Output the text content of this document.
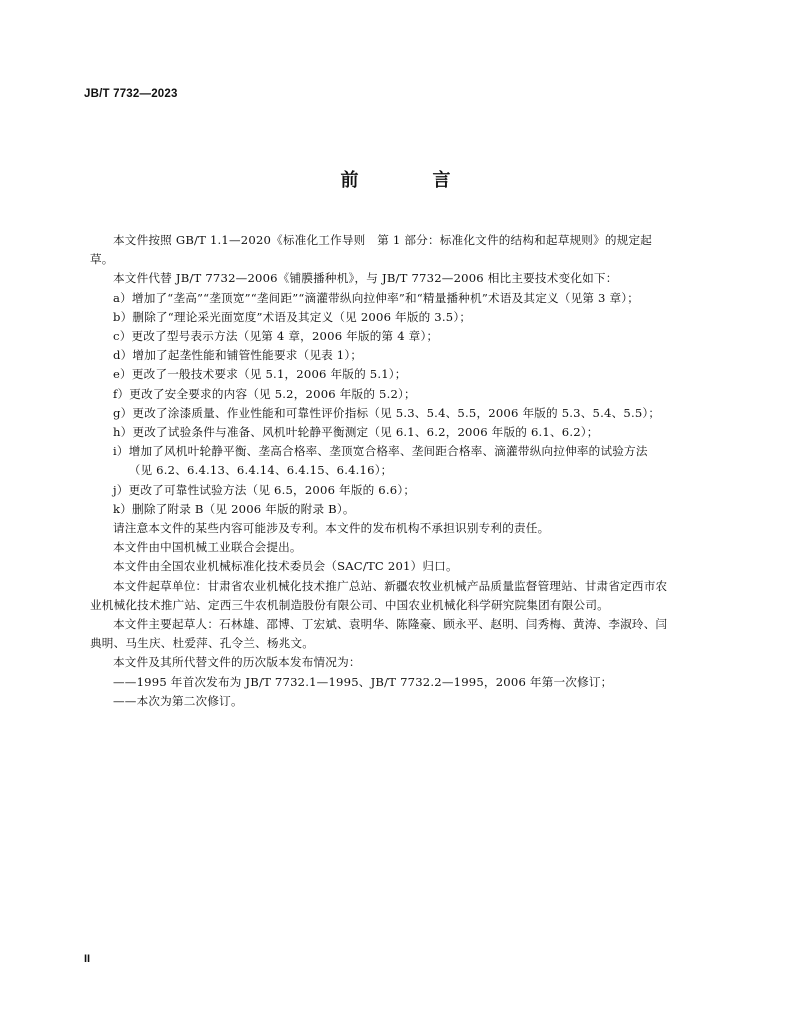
JB/T 7732—2023
前　言

本文件按照 GB/T 1.1—2020《标准化工作导则　第 1 部分：标准化文件的结构和起草规则》的规定起草。

本文件代替 JB/T 7732—2006《铺膜播种机》，与 JB/T 7732—2006 相比主要技术变化如下：

a） 增加了“垄高”“垄顶宽”“垄间距”“滴灌带纵向拉伸率”和“精量播种机”术语及其定义（见第 3 章）；
b） 删除了“理论采光面宽度”术语及其定义（见 2006 年版的 3.5）；
c） 更改了型号表示方法（见第 4 章，2006 年版的第 4 章）；
d） 增加了起垄性能和铺管性能要求（见表 1）；
e） 更改了一般技术要求（见 5.1，2006 年版的 5.1）；
f） 更改了安全要求的内容（见 5.2，2006 年版的 5.2）；
g） 更改了涂漆质量、作业性能和可靠性评价指标（见 5.3、5.4、5.5，2006 年版的 5.3、5.4、5.5）；
h） 更改了试验条件与准备、风机叶轮静平衡测定（见 6.1、6.2，2006 年版的 6.1、6.2）；
i） 增加了风机叶轮静平衡、垄高合格率、垄顶宽合格率、垄间距合格率、滴灌带纵向拉伸率的试验方法（见 6.2、6.4.13、6.4.14、6.4.15、6.4.16）；
j） 更改了可靠性试验方法（见 6.5，2006 年版的 6.6）；
k） 删除了附录 B（见 2006 年版的附录 B）。

请注意本文件的某些内容可能涉及专利。本文件的发布机构不承担识别专利的责任。

本文件由中国机械工业联合会提出。

本文件由全国农业机械标准化技术委员会（SAC/TC 201）归口。

本文件起草单位：甘肃省农业机械化技术推广总站、新疆农牧业机械产品质量监督管理站、甘肃省定西市农业机械化技术推广站、定西三牛农机制造股份有限公司、中国农业机械化科学研究院集团有限公司。

本文件主要起草人：石林雄、邵博、丁宏斌、袁明华、陈隆豪、顾永平、赵明、闫秀梅、黄涛、李淑玲、闫典明、马生庆、杜爱萍、孔令兰、杨兆文。

本文件及其所代替文件的历次版本发布情况为：

——1995 年首次发布为 JB/T 7732.1—1995、JB/T 7732.2—1995，2006 年第一次修订；

——本次为第二次修订。

II
